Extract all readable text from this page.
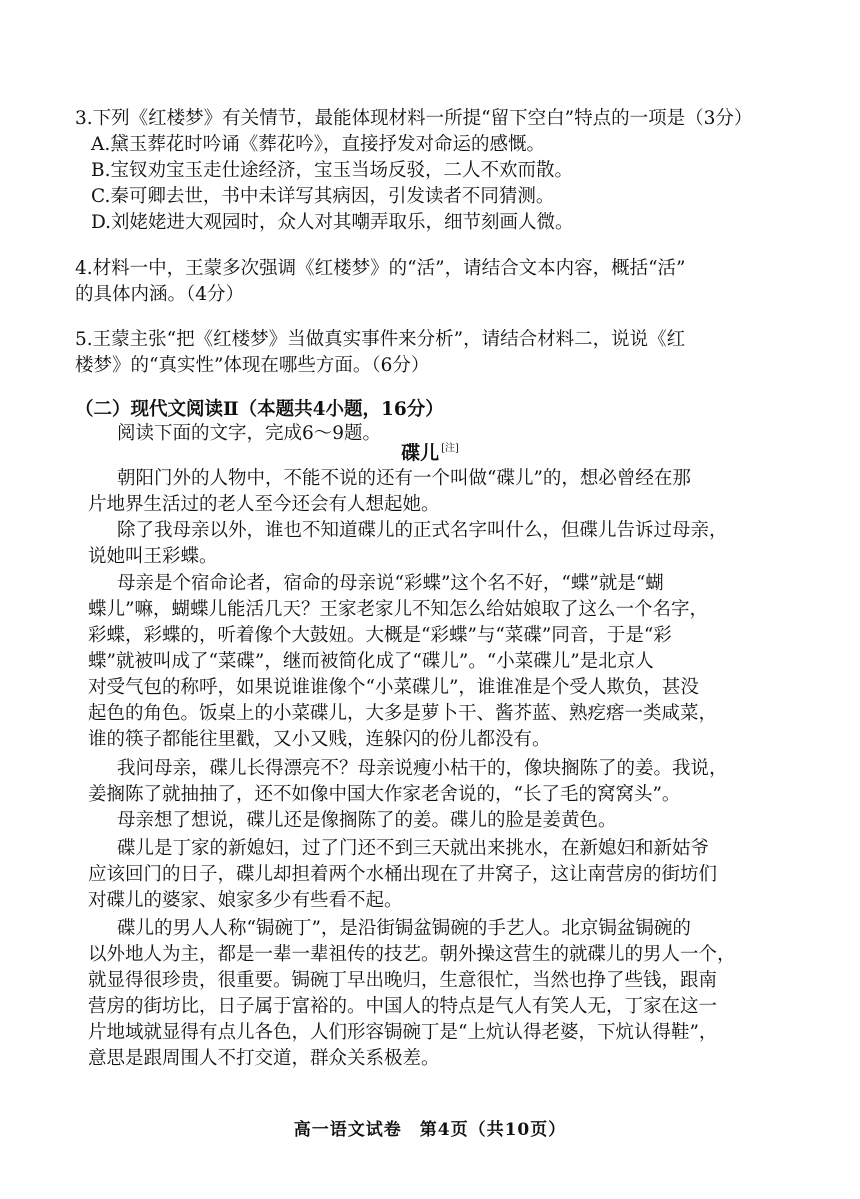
3.下列《红楼梦》有关情节，最能体现材料一所提“留下空白”特点的一项是（3分）
A.黛玉葬花时吟诵《葬花吟》，直接抒发对命运的感慨。
B.宝钗劝宝玉走仕途经济，宝玉当场反驳，二人不欢而散。
C.秦可卿去世，书中未详写其病因，引发读者不同猜测。
D.刘姥姥进大观园时，众人对其嘲弄取乐，细节刻画人微。
4.材料一中，王蒙多次强调《红楼梦》的“活”，请结合文本内容，概括“活”
的具体内涵。（4分）
5.王蒙主张“把《红楼梦》当做真实事件来分析”，请结合材料二，说说《红
楼梦》的“真实性”体现在哪些方面。（6分）
（二）现代文阅读Ⅱ（本题共4小题，16分）
阅读下面的文字，完成6～9题。
碟儿 [注]
朝阳门外的人物中，不能不说的还有一个叫做“碟儿”的，想必曾经在那
片地界生活过的老人至今还会有人想起她。
除了我母亲以外，谁也不知道碟儿的正式名字叫什么，但碟儿告诉过母亲，
说她叫王彩蝶。
母亲是个宿命论者，宿命的母亲说“彩蝶”这个名不好，“蝶”就是“蝴
蝶儿”嘛，蝴蝶儿能活几天？王家老家儿不知怎么给姑娘取了这么一个名字，
彩蝶，彩蝶的，听着像个大鼓妞。大概是“彩蝶”与“菜碟”同音，于是“彩
蝶”就被叫成了“菜碟”，继而被简化成了“碟儿”。“小菜碟儿”是北京人
对受气包的称呼，如果说谁谁像个“小菜碟儿”，谁谁准是个受人欺负，甚没
起色的角色。饭桌上的小菜碟儿，大多是萝卜干、酱芥蓝、熟疙瘩一类咸菜，
谁的筷子都能往里戳，又小又贱，连躲闪的份儿都没有。
我问母亲，碟儿长得漂亮不？母亲说瘦小枯干的，像块搁陈了的姜。我说，
姜搁陈了就抽抽了，还不如像中国大作家老舍说的，“长了毛的窝窝头”。
母亲想了想说，碟儿还是像搁陈了的姜。碟儿的脸是姜黄色。
碟儿是丁家的新媳妇，过了门还不到三天就出来挑水，在新媳妇和新姑爷
应该回门的日子，碟儿却担着两个水桶出现在了井窝子，这让南营房的街坊们
对碟儿的婆家、娘家多少有些看不起。
碟儿的男人人称“锔碗丁”，是沿街锔盆锔碗的手艺人。北京锔盆锔碗的
以外地人为主，都是一辈一辈祖传的技艺。朝外操这营生的就碟儿的男人一个，
就显得很珍贵，很重要。锔碗丁早出晚归，生意很忙，当然也挣了些钱，跟南
营房的街坊比，日子属于富裕的。中国人的特点是气人有笑人无，丁家在这一
片地域就显得有点儿各色，人们形容锔碗丁是“上炕认得老婆，下炕认得鞋”，
意思是跟周围人不打交道，群众关系极差。
高一语文试卷　第4页（共10页）
